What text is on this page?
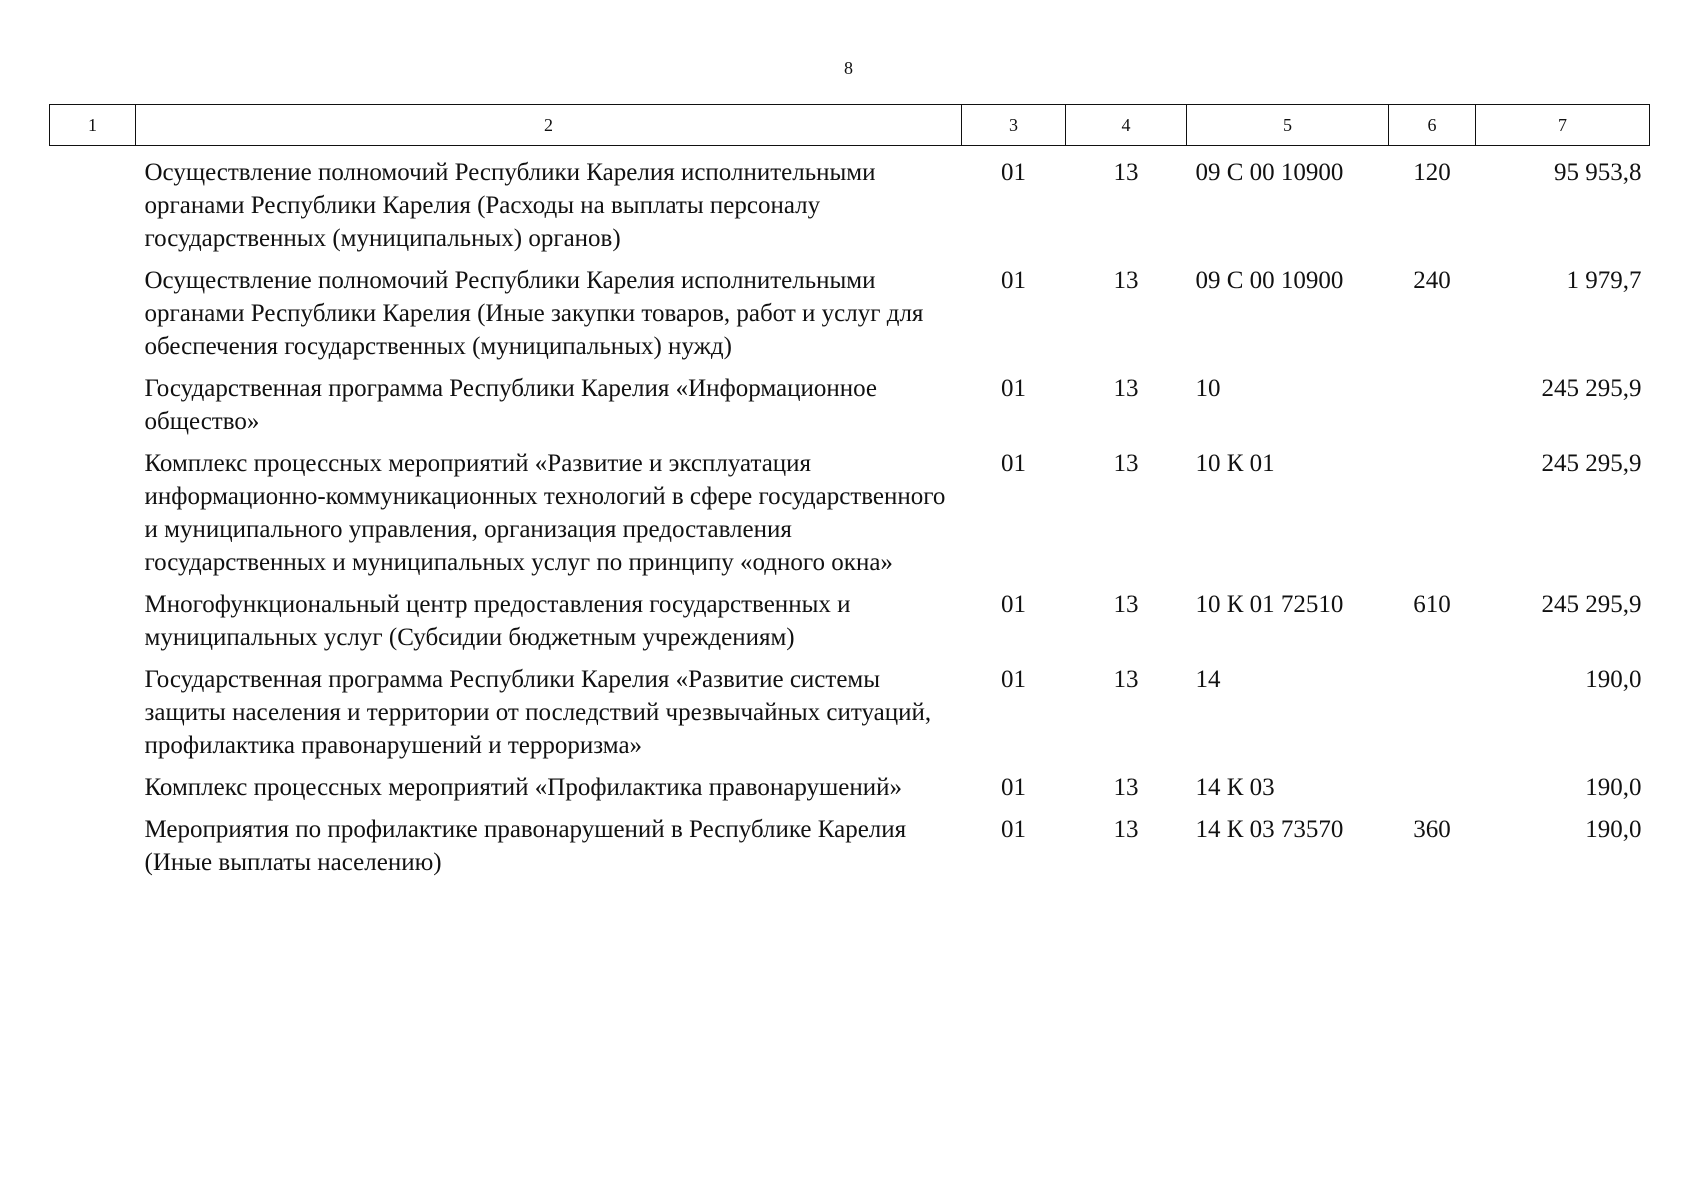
8
1	2	3	4	5	6	7
	Осуществление полномочий Республики Карелия исполнительными органами Республики Карелия (Расходы на выплаты персоналу государственных (муниципальных) органов)	01	13	09 С 00 10900	120	95 953,8
	Осуществление полномочий Республики Карелия исполнительными органами Республики Карелия (Иные закупки товаров, работ и услуг для обеспечения государственных (муниципальных) нужд)	01	13	09 С 00 10900	240	1 979,7
	Государственная программа Республики Карелия «Информационное общество»	01	13	10		245 295,9
	Комплекс процессных мероприятий «Развитие и эксплуатация информационно-коммуникационных технологий в сфере государственного и муниципального управления, организация предоставления государственных и муниципальных услуг по принципу «одного окна»	01	13	10 К 01		245 295,9
	Многофункциональный центр предоставления государственных и муниципальных услуг (Субсидии бюджетным учреждениям)	01	13	10 К 01 72510	610	245 295,9
	Государственная программа Республики Карелия «Развитие системы защиты населения и территории от последствий чрезвычайных ситуаций, профилактика правонарушений и терроризма»	01	13	14		190,0
	Комплекс процессных мероприятий «Профилактика правонарушений»	01	13	14 К 03		190,0
	Мероприятия по профилактике правонарушений в Республике Карелия (Иные выплаты населению)	01	13	14 К 03 73570	360	190,0
